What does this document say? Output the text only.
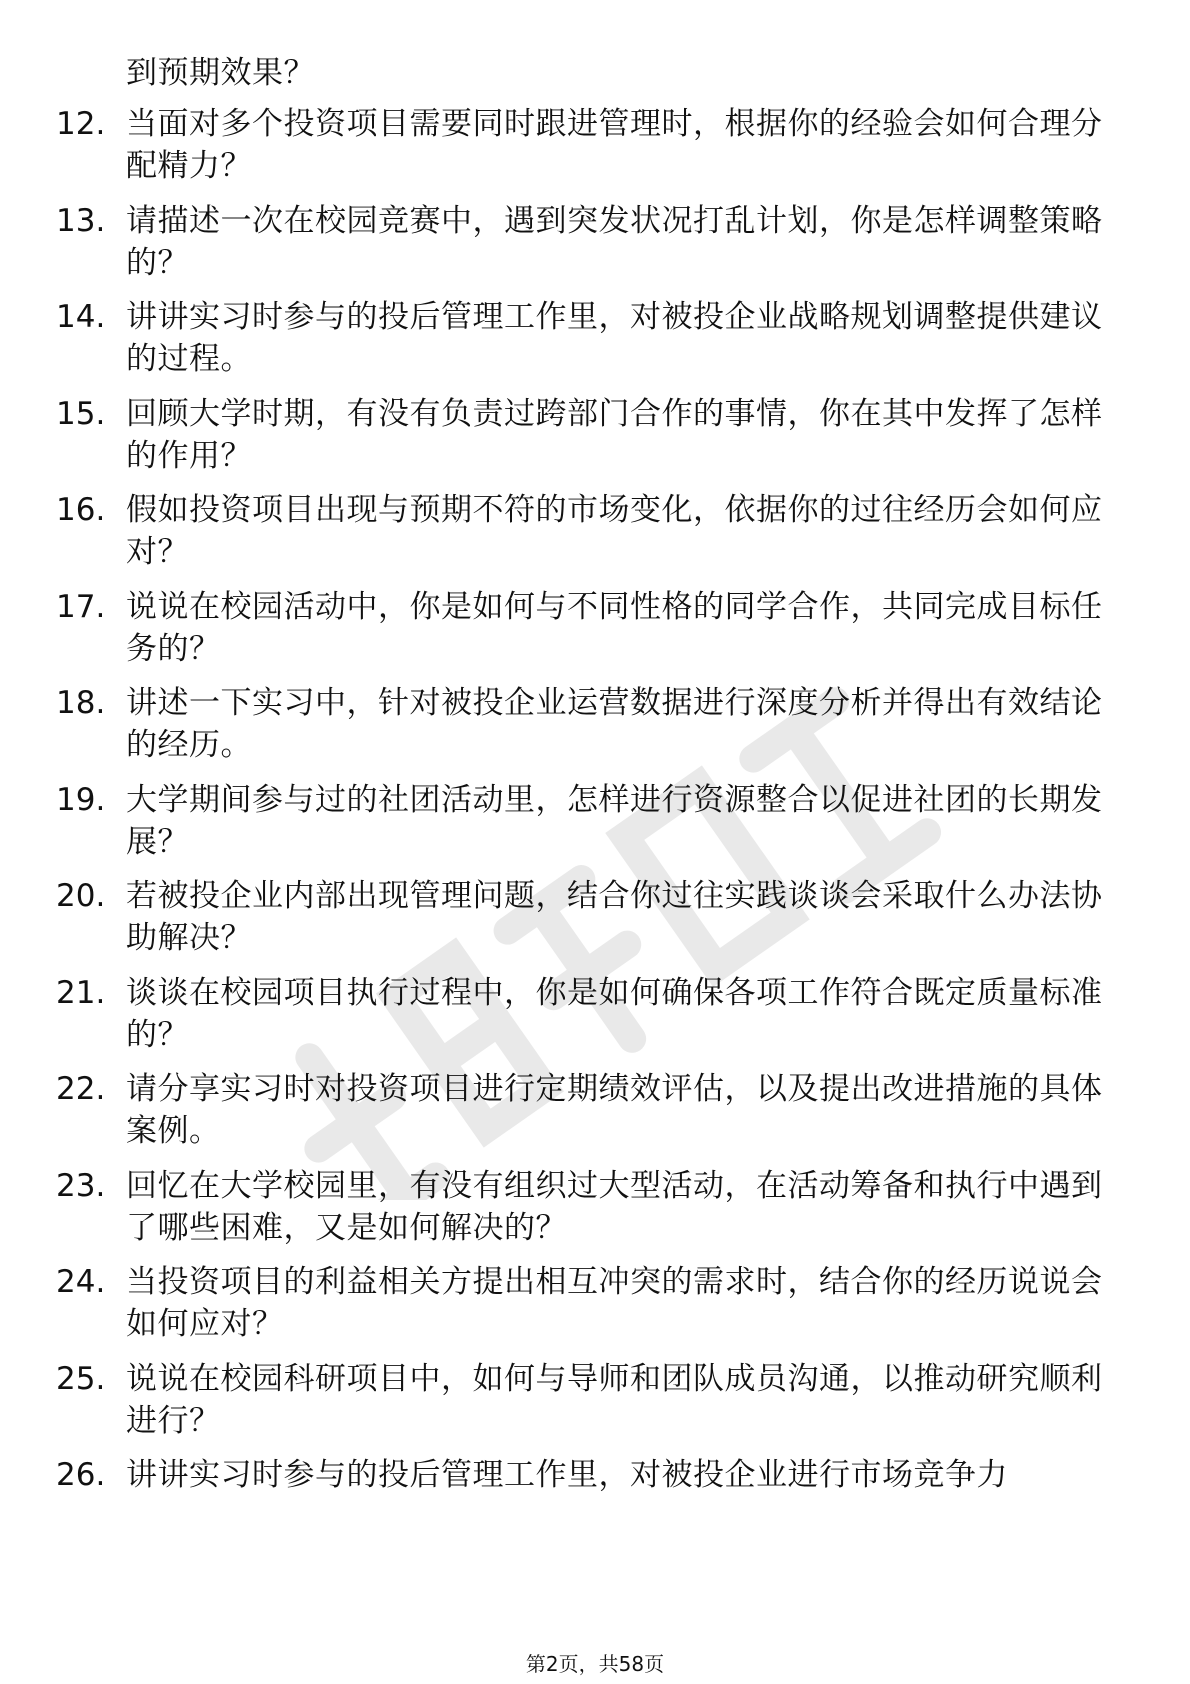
到预期效果？
12. 当面对多个投资项目需要同时跟进管理时，根据你的经验会如何合理分配精力？
13. 请描述一次在校园竞赛中，遇到突发状况打乱计划，你是怎样调整策略的？
14. 讲讲实习时参与的投后管理工作里，对被投企业战略规划调整提供建议的过程。
15. 回顾大学时期，有没有负责过跨部门合作的事情，你在其中发挥了怎样的作用？
16. 假如投资项目出现与预期不符的市场变化，依据你的过往经历会如何应对？
17. 说说在校园活动中，你是如何与不同性格的同学合作，共同完成目标任务的？
18. 讲述一下实习中，针对被投企业运营数据进行深度分析并得出有效结论的经历。
19. 大学期间参与过的社团活动里，怎样进行资源整合以促进社团的长期发展？
20. 若被投企业内部出现管理问题，结合你过往实践谈谈会采取什么办法协助解决？
21. 谈谈在校园项目执行过程中，你是如何确保各项工作符合既定质量标准的？
22. 请分享实习时对投资项目进行定期绩效评估，以及提出改进措施的具体案例。
23. 回忆在大学校园里，有没有组织过大型活动，在活动筹备和执行中遇到了哪些困难，又是如何解决的？
24. 当投资项目的利益相关方提出相互冲突的需求时，结合你的经历说说会如何应对？
25. 说说在校园科研项目中，如何与导师和团队成员沟通，以推动研究顺利进行？
26. 讲讲实习时参与的投后管理工作里，对被投企业进行市场竞争力
第2页，共58页
